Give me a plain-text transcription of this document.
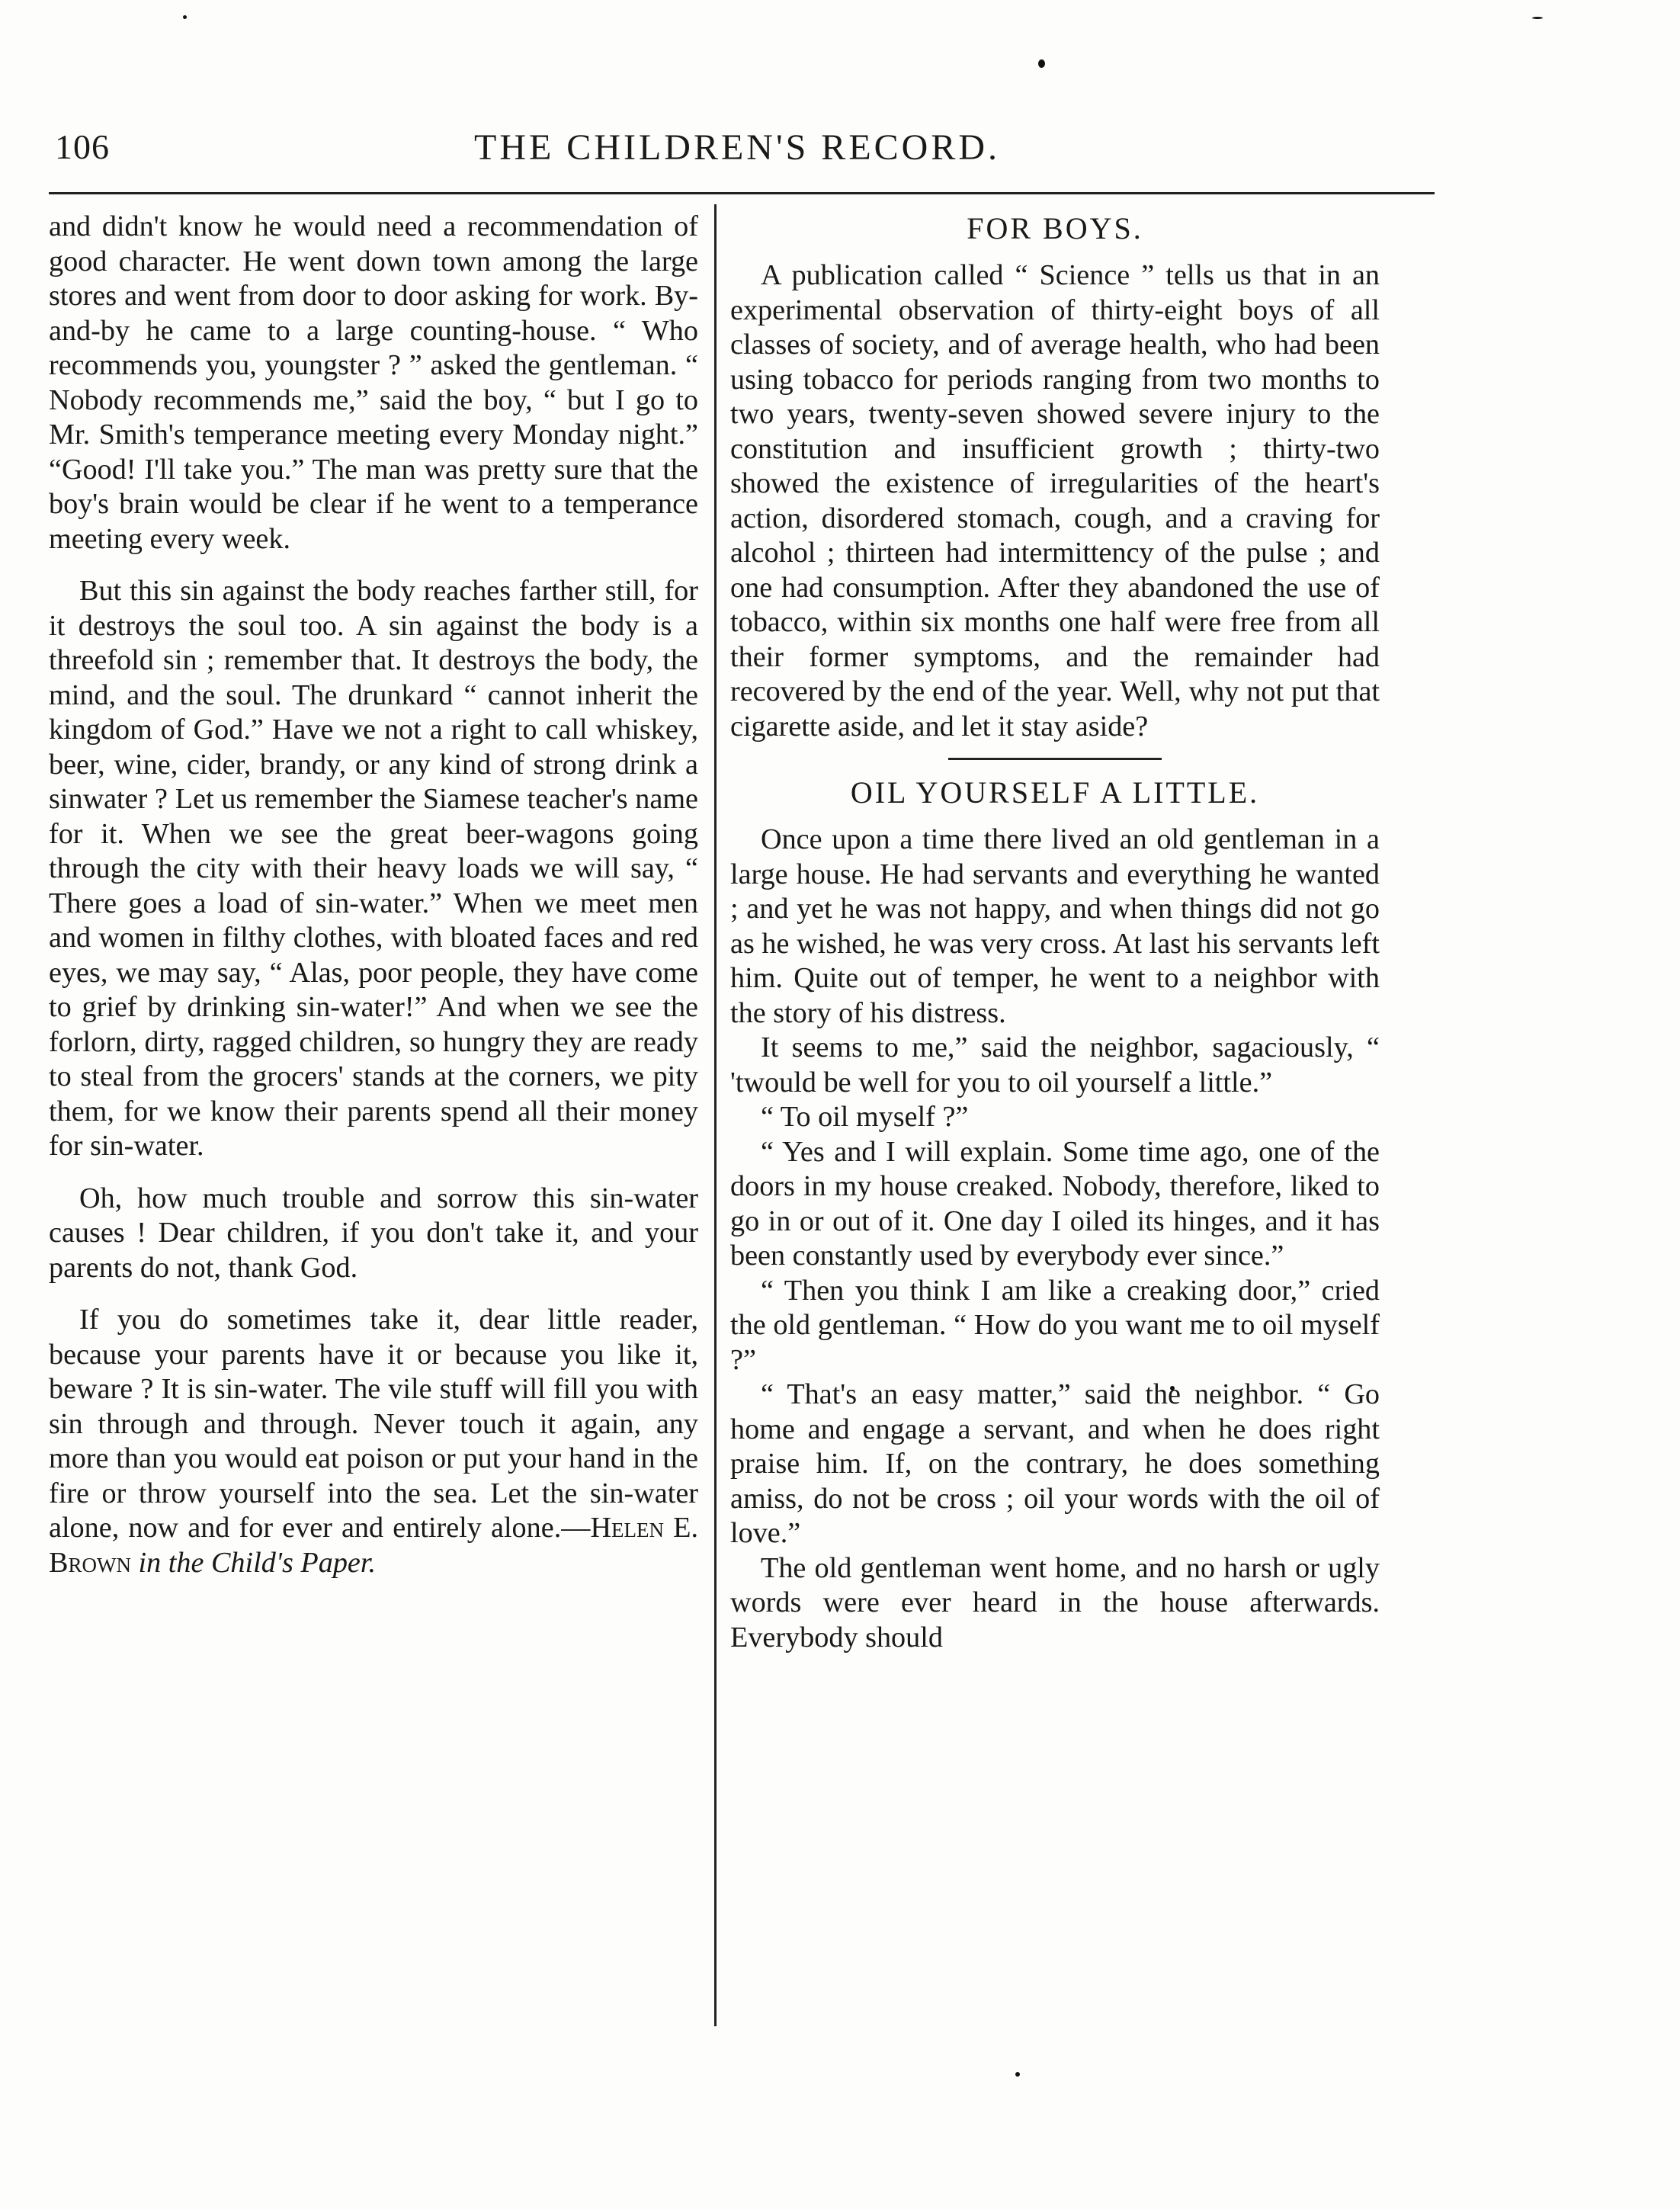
106	THE CHILDREN'S RECORD.

and didn't know he would need a recommendation of good character. He went down town among the large stores and went from door to door asking for work. By-and-by he came to a large counting-house. “ Who recommends you, youngster ? ” asked the gentleman. “ Nobody recommends me,” said the boy, “ but I go to Mr. Smith's temperance meeting every Monday night.” “Good! I'll take you.” The man was pretty sure that the boy's brain would be clear if he went to a temperance meeting every week.

But this sin against the body reaches farther still, for it destroys the soul too. A sin against the body is a threefold sin ; remember that. It destroys the body, the mind, and the soul. The drunkard “ cannot inherit the kingdom of God.” Have we not a right to call whiskey, beer, wine, cider, brandy, or any kind of strong drink a sinwater ? Let us remember the Siamese teacher's name for it. When we see the great beer-wagons going through the city with their heavy loads we will say, “ There goes a load of sin-water.” When we meet men and women in filthy clothes, with bloated faces and red eyes, we may say, “ Alas, poor people, they have come to grief by drinking sin-water!” And when we see the forlorn, dirty, ragged children, so hungry they are ready to steal from the grocers' stands at the corners, we pity them, for we know their parents spend all their money for sin-water.

Oh, how much trouble and sorrow this sin-water causes ! Dear children, if you don't take it, and your parents do not, thank God.

If you do sometimes take it, dear little reader, because your parents have it or because you like it, beware ? It is sin-water. The vile stuff will fill you with sin through and through. Never touch it again, any more than you would eat poison or put your hand in the fire or throw yourself into the sea. Let the sin-water alone, now and for ever and entirely alone.—Helen E. Brown in the Child's Paper.

FOR BOYS.

A publication called “ Science ” tells us that in an experimental observation of thirty-eight boys of all classes of society, and of average health, who had been using tobacco for periods ranging from two months to two years, twenty-seven showed severe injury to the constitution and insufficient growth ; thirty-two showed the existence of irregularities of the heart's action, disordered stomach, cough, and a craving for alcohol ; thirteen had intermittency of the pulse ; and one had consumption. After they abandoned the use of tobacco, within six months one half were free from all their former symptoms, and the remainder had recovered by the end of the year. Well, why not put that cigarette aside, and let it stay aside?

OIL YOURSELF A LITTLE.

Once upon a time there lived an old gentleman in a large house. He had servants and everything he wanted ; and yet he was not happy, and when things did not go as he wished, he was very cross. At last his servants left him. Quite out of temper, he went to a neighbor with the story of his distress.

It seems to me,” said the neighbor, sagaciously, “ 'twould be well for you to oil yourself a little.”

“ To oil myself ?”

“ Yes and I will explain. Some time ago, one of the doors in my house creaked. Nobody, therefore, liked to go in or out of it. One day I oiled its hinges, and it has been constantly used by everybody ever since.”

“ Then you think I am like a creaking door,” cried the old gentleman. “ How do you want me to oil myself ?”

“ That's an easy matter,” said the neighbor. “ Go home and engage a servant, and when he does right praise him. If, on the contrary, he does something amiss, do not be cross ; oil your words with the oil of love.”

The old gentleman went home, and no harsh or ugly words were ever heard in the house afterwards. Everybody should
